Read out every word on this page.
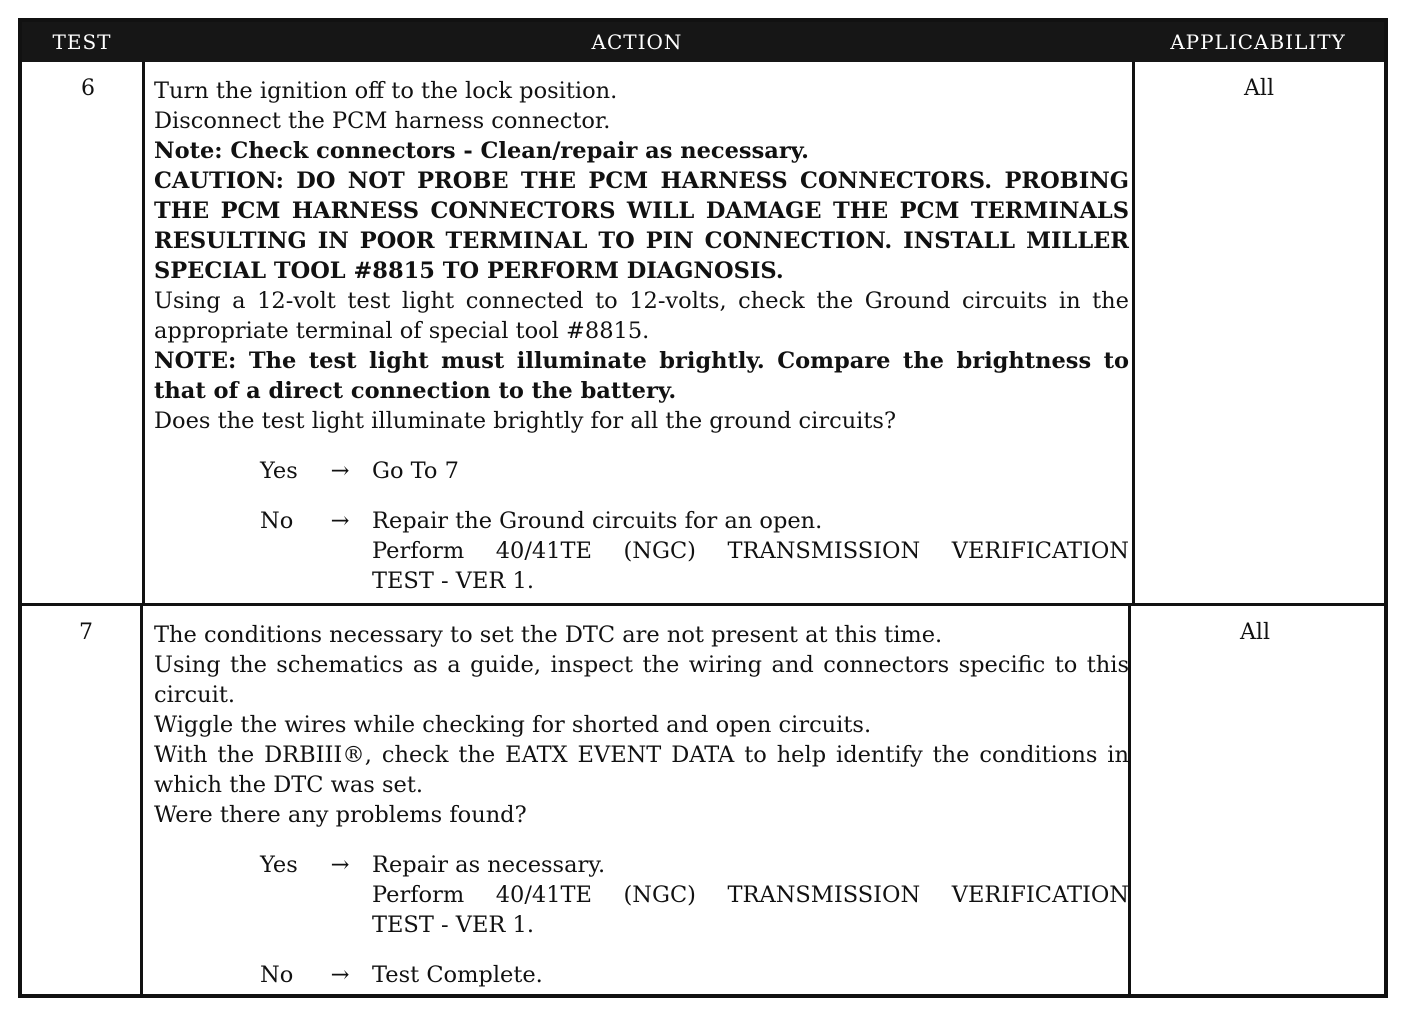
TEST	ACTION	APPLICABILITY
6	Turn the ignition off to the lock position.

Disconnect the PCM harness connector.

Note: Check connectors - Clean/repair as necessary.

CAUTION: DO NOT PROBE THE PCM HARNESS CONNECTORS. PROBING THE PCM HARNESS CONNECTORS WILL DAMAGE THE PCM TERMINALS RESULTING IN POOR TERMINAL TO PIN CONNECTION. INSTALL MILLER SPECIAL TOOL #8815 TO PERFORM DIAGNOSIS.

Using a 12-volt test light connected to 12-volts, check the Ground circuits in the appropriate terminal of special tool #8815.

NOTE: The test light must illuminate brightly. Compare the brightness to that of a direct connection to the battery.

Does the test light illuminate brightly for all the ground circuits?

Yes	→	Go To 7
No	→	Repair the Ground circuits for an open.
Perform 40/41TE (NGC) TRANSMISSION VERIFICATION
TEST - VER 1.
All
7	The conditions necessary to set the DTC are not present at this time.

Using the schematics as a guide, inspect the wiring and connectors specific to this circuit.

Wiggle the wires while checking for shorted and open circuits.

With the DRBIII®, check the EATX EVENT DATA to help identify the conditions in which the DTC was set.

Were there any problems found?

Yes	→	Repair as necessary.
Perform 40/41TE (NGC) TRANSMISSION VERIFICATION
TEST - VER 1.
No	→	Test Complete.
All
